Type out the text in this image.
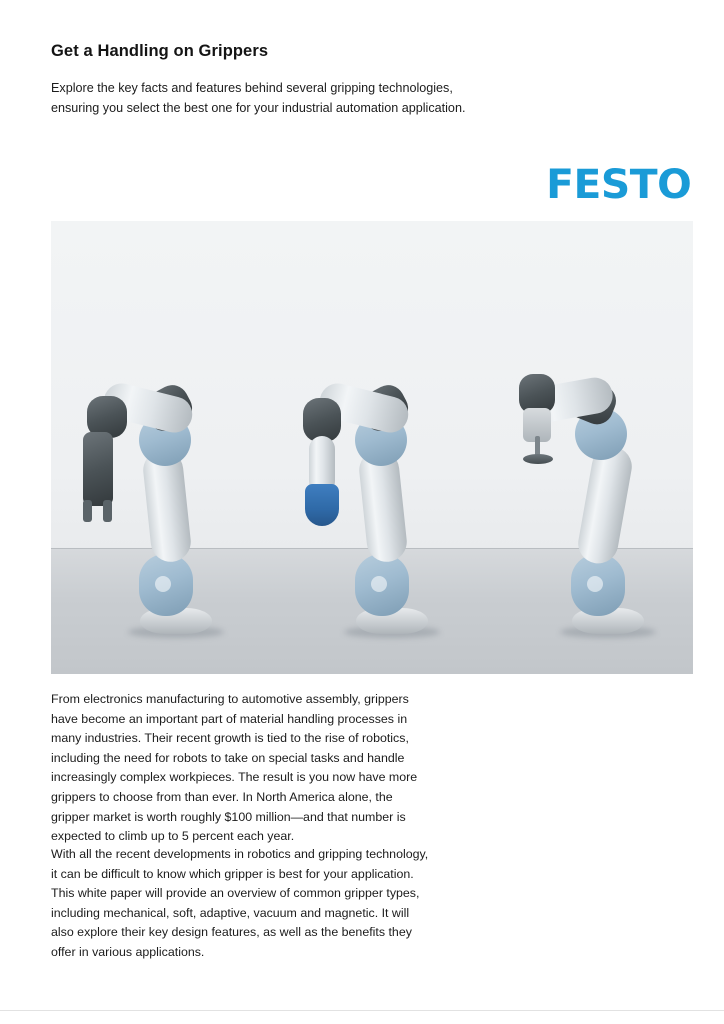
Get a Handling on Grippers
Explore the key facts and features behind several gripping technologies, ensuring you select the best one for your industrial automation application.
FESTO
From electronics manufacturing to automotive assembly, grippers have become an important part of material handling processes in many industries. Their recent growth is tied to the rise of robotics, including the need for robots to take on special tasks and handle increasingly complex workpieces. The result is you now have more grippers to choose from than ever. In North America alone, the gripper market is worth roughly $100 million—and that number is expected to climb up to 5 percent each year.
With all the recent developments in robotics and gripping technology, it can be difficult to know which gripper is best for your application. This white paper will provide an overview of common gripper types, including mechanical, soft, adaptive, vacuum and magnetic. It will also explore their key design features, as well as the benefits they offer in various applications.
